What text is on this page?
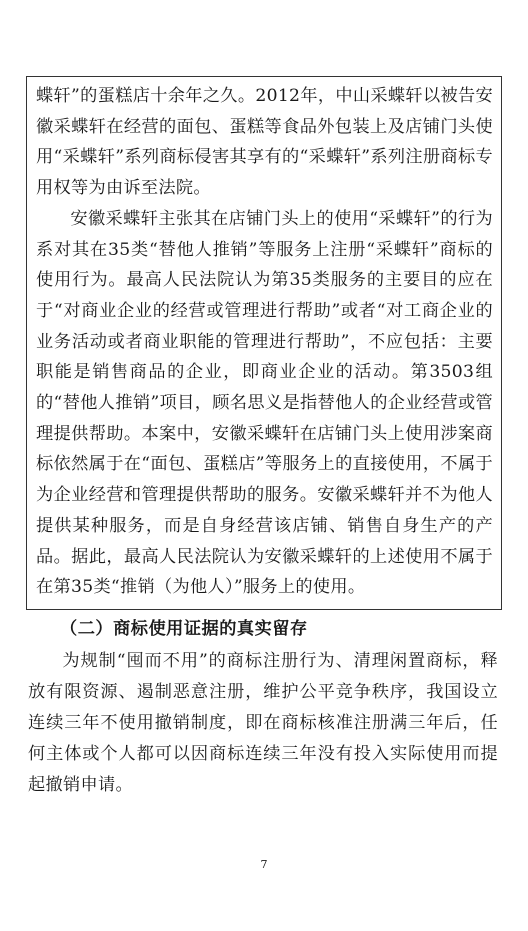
蝶轩”的蛋糕店十余年之久。2012年，中山采蝶轩以被告安徽采蝶轩在经营的面包、蛋糕等食品外包装上及店铺门头使用“采蝶轩”系列商标侵害其享有的“采蝶轩”系列注册商标专用权等为由诉至法院。

安徽采蝶轩主张其在店铺门头上的使用“采蝶轩”的行为系对其在35类“替他人推销”等服务上注册“采蝶轩”商标的使用行为。最高人民法院认为第35类服务的主要目的应在于“对商业企业的经营或管理进行帮助”或者“对工商企业的业务活动或者商业职能的管理进行帮助”，不应包括：主要职能是销售商品的企业，即商业企业的活动。第3503组的“替他人推销”项目，顾名思义是指替他人的企业经营或管理提供帮助。本案中，安徽采蝶轩在店铺门头上使用涉案商标依然属于在“面包、蛋糕店”等服务上的直接使用，不属于为企业经营和管理提供帮助的服务。安徽采蝶轩并不为他人提供某种服务，而是自身经营该店铺、销售自身生产的产品。据此，最高人民法院认为安徽采蝶轩的上述使用不属于在第35类“推销（为他人）”服务上的使用。

（二）商标使用证据的真实留存

为规制“囤而不用”的商标注册行为、清理闲置商标，释放有限资源、遏制恶意注册，维护公平竞争秩序，我国设立连续三年不使用撤销制度，即在商标核准注册满三年后，任何主体或个人都可以因商标连续三年没有投入实际使用而提起撤销申请。

7
